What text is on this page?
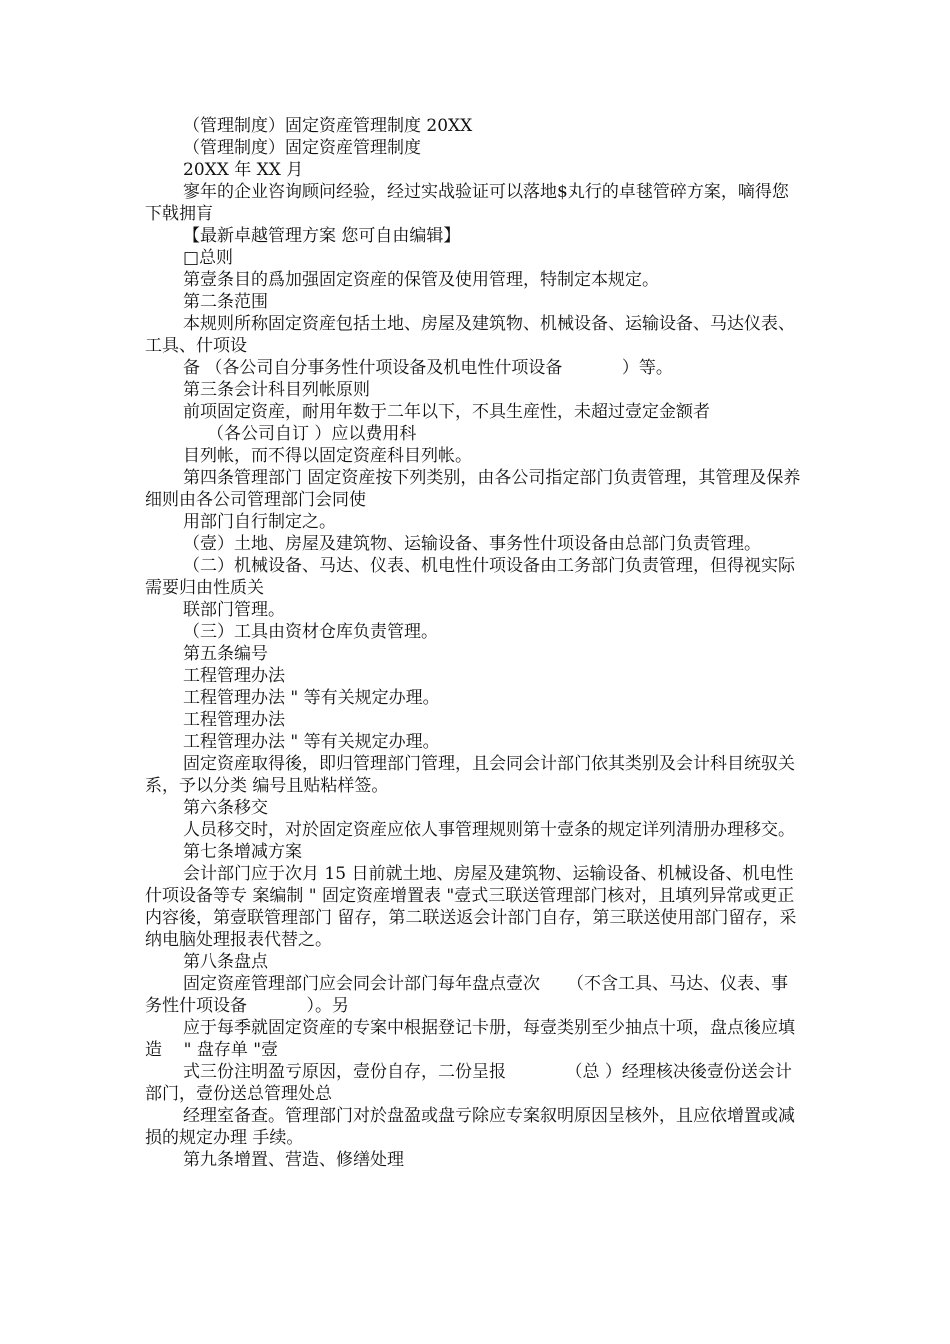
（管理制度）固定资産管理制度 20XX

（管理制度）固定资産管理制度

20XX 年 XX 月

寥年的企业咨询顾问经验，经过实战验证可以落地$丸行的卓毬管碎方案，嘀得您下戟拥肓

【最新卓越管理方案 您可自由编辑】

□总则

第壹条目的爲加强固定资産的保管及使用管理，特制定本规定。

第二条范围

本规则所称固定资産包括土地、房屋及建筑物、机械设备、运输设备、马达仪表、工具、什项设

备 （各公司自分事务性什项设备及机电性什项设备           ）等。

第三条会计科目列帐原则

前项固定资産，耐用年数于二年以下，不具生産性，未超过壹定金额者

（各公司自订 ）应以费用科

目列帐，而不得以固定资産科目列帐。

第四条管理部门 固定资産按下列类别，由各公司指定部门负责管理，其管理及保养细则由各公司管理部门会同使

用部门自行制定之。

（壹）土地、房屋及建筑物、运输设备、事务性什项设备由总部门负责管理。

（二）机械设备、马达、仪表、机电性什项设备由工务部门负责管理，但得视实际需要归由性质关

联部门管理。

（三）工具由资材仓库负责管理。

第五条编号

工程管理办法

工程管理办法 " 等有关规定办理。

工程管理办法

工程管理办法 " 等有关规定办理。

固定资産取得後，即归管理部门管理，且会同会计部门依其类别及会计科目统驭关系，予以分类 编号且贴粘样签。

第六条移交

人员移交时，对於固定资産应依人事管理规则第十壹条的规定详列清册办理移交。

第七条增减方案

会计部门应于次月 15 日前就土地、房屋及建筑物、运输设备、机械设备、机电性什项设备等专 案编制 " 固定资産增置表 "壹式三联送管理部门核对，且填列异常或更正内容後，第壹联管理部门 留存，第二联送返会计部门自存，第三联送使用部门留存，采纳电脑处理报表代替之。

第八条盘点

固定资産管理部门应会同会计部门每年盘点壹次     （不含工具、马达、仪表、事务性什项设备           ）。另

应于每季就固定资産的专案中根据登记卡册，每壹类别至少抽点十项，盘点後应填造    " 盘存单 "壹

式三份注明盈亏原因，壹份自存，二份呈报           （总 ）经理核决後壹份送会计部门，壹份送总管理处总

经理室备查。管理部门对於盘盈或盘亏除应专案叙明原因呈核外，且应依增置或减损的规定办理 手续。

第九条增置、营造、修缮处理
